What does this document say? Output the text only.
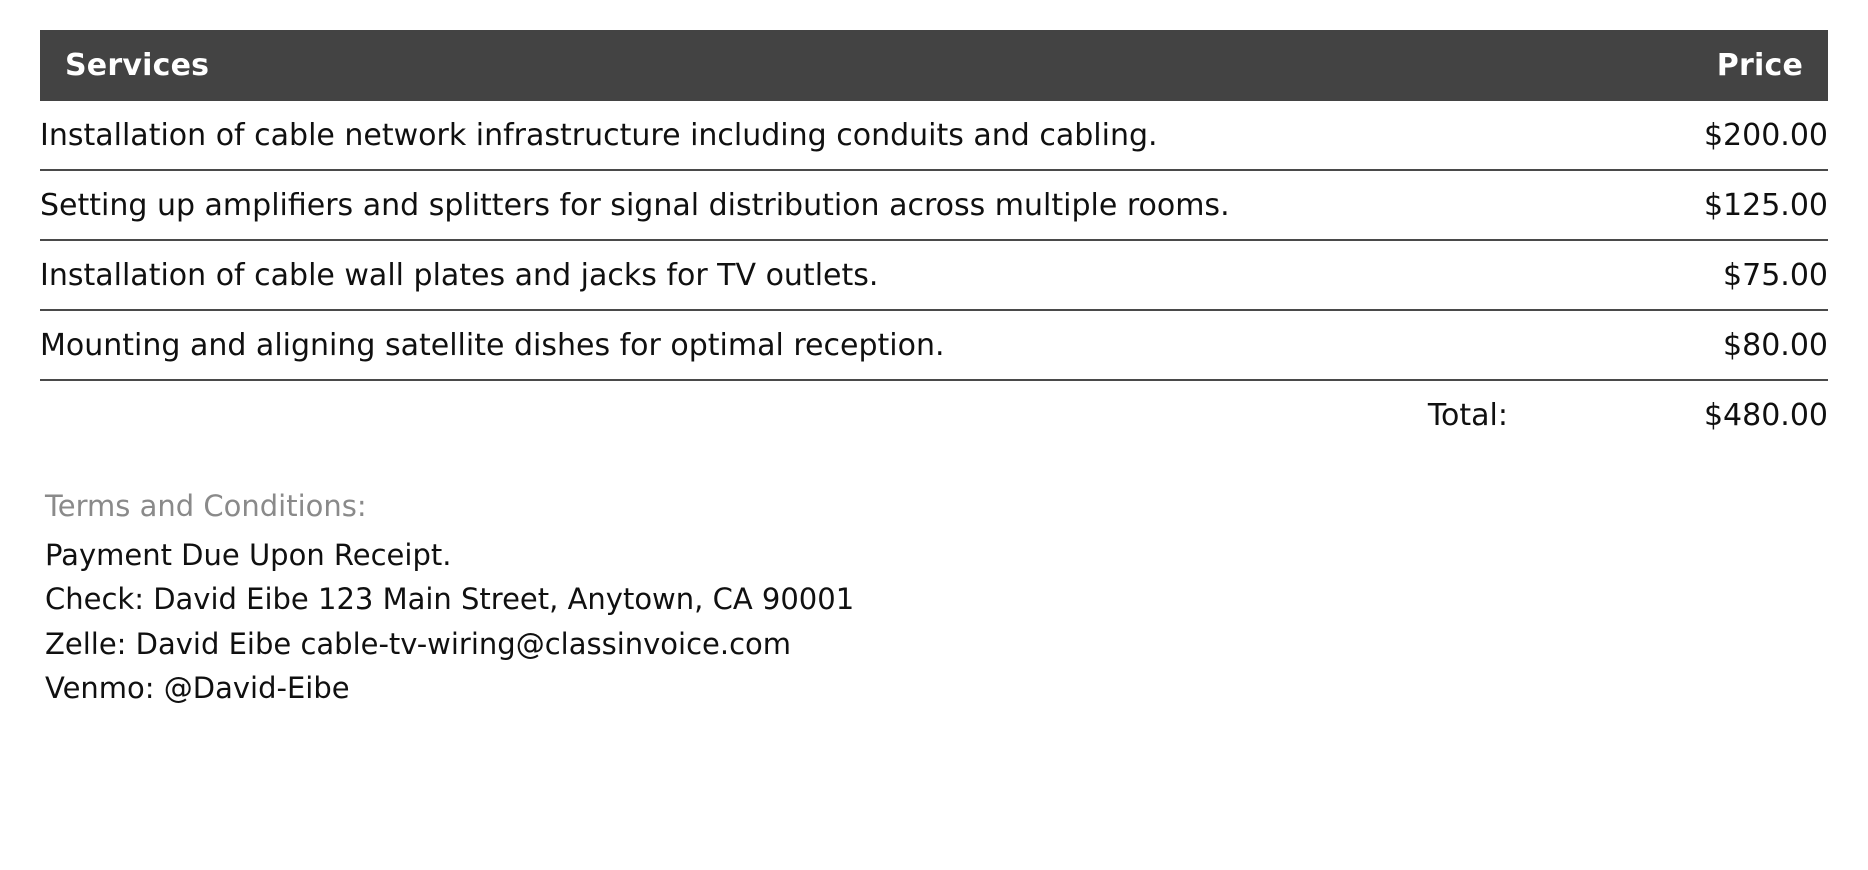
Services	Price
Installation of cable network infrastructure including conduits and cabling.	$200.00
Setting up amplifiers and splitters for signal distribution across multiple rooms.	$125.00
Installation of cable wall plates and jacks for TV outlets.	$75.00
Mounting and aligning satellite dishes for optimal reception.	$80.00
Total:	$480.00
Terms and Conditions:
Payment Due Upon Receipt.
Check: David Eibe 123 Main Street, Anytown, CA 90001
Zelle: David Eibe cable-tv-wiring@classinvoice.com
Venmo: @David-Eibe
